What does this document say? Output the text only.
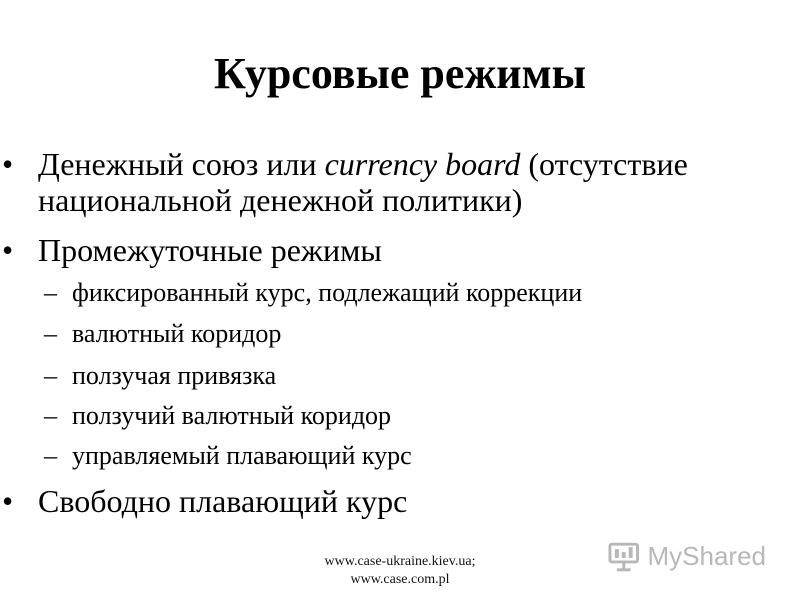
Курсовые режимы
• Денежный союз или currency board (отсутствие
национальной денежной политики)
• Промежуточные режимы
– фиксированный курс, подлежащий коррекции
– валютный коридор
– ползучая привязка
– ползучий валютный коридор
– управляемый плавающий курс
• Свободно плавающий курс
www.case-ukraine.kiev.ua;
www.case.com.pl
MyShared
